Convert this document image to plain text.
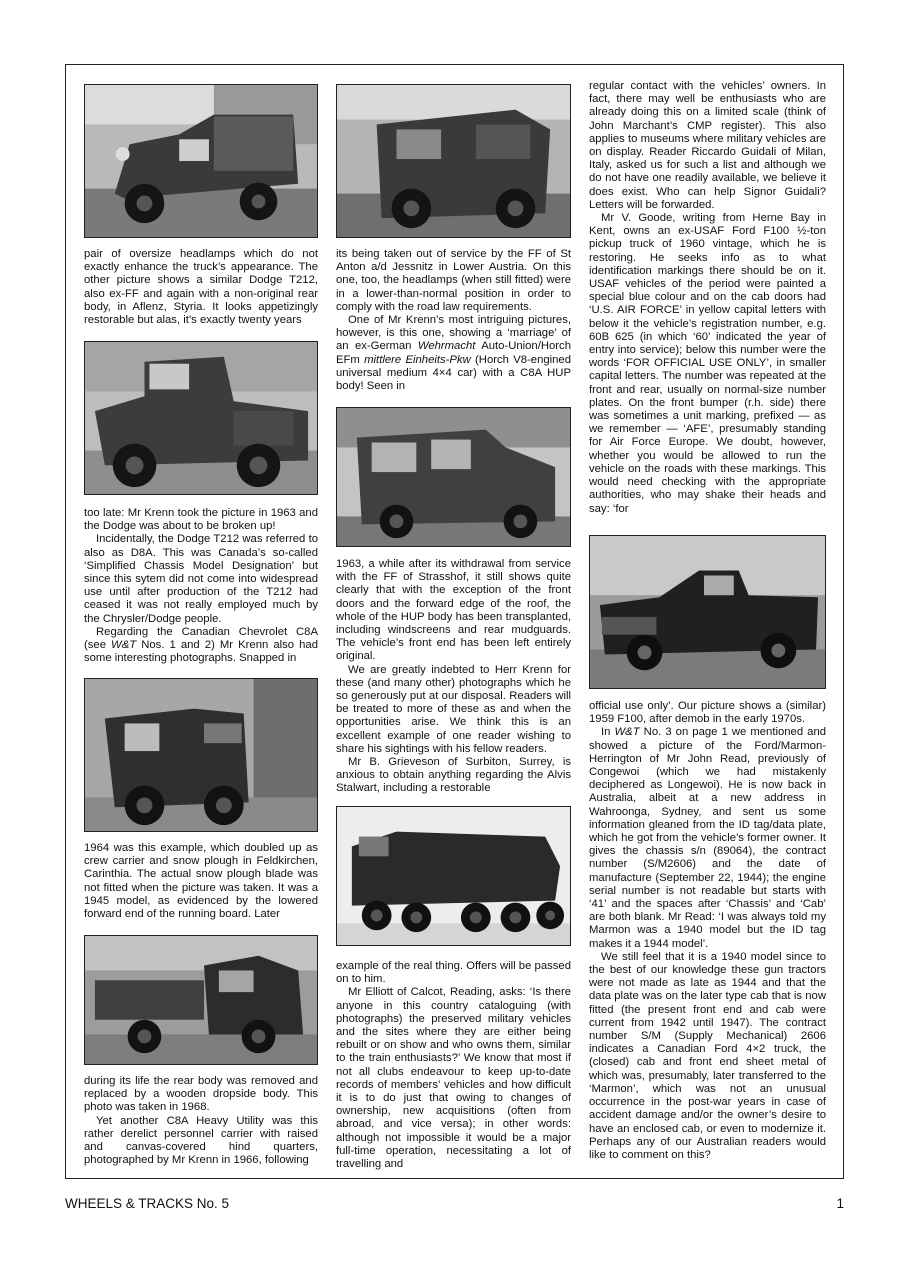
pair of oversize headlamps which do not exactly enhance the truck’s appearance. The other picture shows a similar Dodge T212, also ex-FF and again with a non-original rear body, in Aflenz, Styria. It looks appetizingly restorable but alas, it’s exactly twenty years

too late: Mr Krenn took the picture in 1963 and the Dodge was about to be broken up!

Incidentally, the Dodge T212 was referred to also as D8A. This was Canada’s so-called ‘Simplified Chassis Model Designation’ but since this sytem did not come into widespread use until after production of the T212 had ceased it was not really employed much by the Chrysler/Dodge people.

Regarding the Canadian Chevrolet C8A (see W&T Nos. 1 and 2) Mr Krenn also had some interesting photographs. Snapped in

1964 was this example, which doubled up as crew carrier and snow plough in Feldkirchen, Carinthia. The actual snow plough blade was not fitted when the picture was taken. It was a 1945 model, as evidenced by the lowered forward end of the running board. Later

during its life the rear body was removed and replaced by a wooden dropside body. This photo was taken in 1968.

Yet another C8A Heavy Utility was this rather derelict personnel carrier with raised and canvas-covered hind quarters, photographed by Mr Krenn in 1966, following

its being taken out of service by the FF of St Anton a/d Jessnitz in Lower Austria. On this one, too, the headlamps (when still fitted) were in a lower-than-normal position in order to comply with the road law requirements.

One of Mr Krenn’s most intriguing pictures, however, is this one, showing a ‘marriage’ of an ex-German Wehrmacht Auto-Union/Horch EFm mittlere Einheits-Pkw (Horch V8-engined universal medium 4×4 car) with a C8A HUP body! Seen in

1963, a while after its withdrawal from service with the FF of Strasshof, it still shows quite clearly that with the exception of the front doors and the forward edge of the roof, the whole of the HUP body has been transplanted, including windscreens and rear mudguards. The vehicle’s front end has been left entirely original.

We are greatly indebted to Herr Krenn for these (and many other) photographs which he so generously put at our disposal. Readers will be treated to more of these as and when the opportunities arise. We think this is an excellent example of one reader wishing to share his sightings with his fellow readers.

Mr B. Grieveson of Surbiton, Surrey, is anxious to obtain anything regarding the Alvis Stalwart, including a restorable

example of the real thing. Offers will be passed on to him.

Mr Elliott of Calcot, Reading, asks: ‘Is there anyone in this country cataloguing (with photographs) the preserved military vehicles and the sites where they are either being rebuilt or on show and who owns them, similar to the train enthusiasts?’ We know that most if not all clubs endeavour to keep up-to-date records of members’ vehicles and how difficult it is to do just that owing to changes of ownership, new acquisitions (often from abroad, and vice versa); in other words: although not impossible it would be a major full-time operation, necessitating a lot of travelling and

regular contact with the vehicles’ owners. In fact, there may well be enthusiasts who are already doing this on a limited scale (think of John Marchant’s CMP register). This also applies to museums where military vehicles are on display. Reader Riccardo Guidali of Milan, Italy, asked us for such a list and although we do not have one readily available, we believe it does exist. Who can help Signor Guidali? Letters will be forwarded.

Mr V. Goode, writing from Herne Bay in Kent, owns an ex-USAF Ford F100 ½-ton pickup truck of 1960 vintage, which he is restoring. He seeks info as to what identification markings there should be on it. USAF vehicles of the period were painted a special blue colour and on the cab doors had ‘U.S. AIR FORCE’ in yellow capital letters with below it the vehicle’s registration number, e.g. 60B 625 (in which ‘60’ indicated the year of entry into service); below this number were the words ‘FOR OFFICIAL USE ONLY’, in smaller capital letters. The number was repeated at the front and rear, usually on normal-size number plates. On the front bumper (r.h. side) there was sometimes a unit marking, prefixed — as we remember — ‘AFE’, presumably standing for Air Force Europe. We doubt, however, whether you would be allowed to run the vehicle on the roads with these markings. This would need checking with the appropriate authorities, who may shake their heads and say: ‘for

official use only’. Our picture shows a (similar) 1959 F100, after demob in the early 1970s.

In W&T No. 3 on page 1 we mentioned and showed a picture of the Ford/Marmon-Herrington of Mr John Read, previously of Congewoi (which we had mistakenly deciphered as Longewoi). He is now back in Australia, albeit at a new address in Wahroonga, Sydney, and sent us some information gleaned from the ID tag/data plate, which he got from the vehicle’s former owner. It gives the chassis s/n (89064), the contract number (S/M2606) and the date of manufacture (September 22, 1944); the engine serial number is not readable but starts with ‘41’ and the spaces after ‘Chassis’ and ‘Cab’ are both blank. Mr Read: ‘I was always told my Marmon was a 1940 model but the ID tag makes it a 1944 model’.

We still feel that it is a 1940 model since to the best of our knowledge these gun tractors were not made as late as 1944 and that the data plate was on the later type cab that is now fitted (the present front end and cab were current from 1942 until 1947). The contract number S/M (Supply Mechanical) 2606 indicates a Canadian Ford 4×2 truck, the (closed) cab and front end sheet metal of which was, presumably, later transferred to the ‘Marmon’, which was not an unusual occurrence in the post-war years in case of accident damage and/or the owner’s desire to have an enclosed cab, or even to modernize it. Perhaps any of our Australian readers would like to comment on this?

WHEELS & TRACKS No. 5	1
